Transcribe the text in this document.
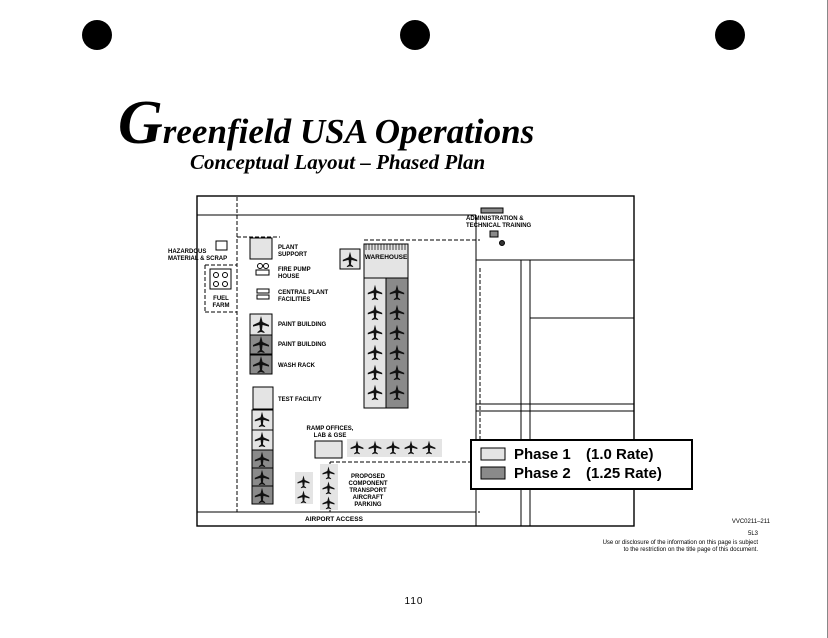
Greenfield USA Operations
Conceptual Layout – Phased Plan
HAZARDOUS
MATERIAL & SCRAP
FUEL
FARM
PLANT
SUPPORT
FIRE PUMP
HOUSE
CENTRAL PLANT
FACILITIES
PAINT BUILDING
PAINT BUILDING
WASH RACK
TEST FACILITY
WAREHOUSE
ADMINISTRATION &
TECHNICAL TRAINING
RAMP OFFICES,
LAB & GSE
PROPOSED
COMPONENT
TRANSPORT
AIRCRAFT
PARKING
AIRPORT ACCESS
Phase 1 (1.0 Rate)
Phase 2 (1.25 Rate)
VVC0211–211
5L3
Use or disclosure of the information on this page is subject
to the restriction on the title page of this document.
110
